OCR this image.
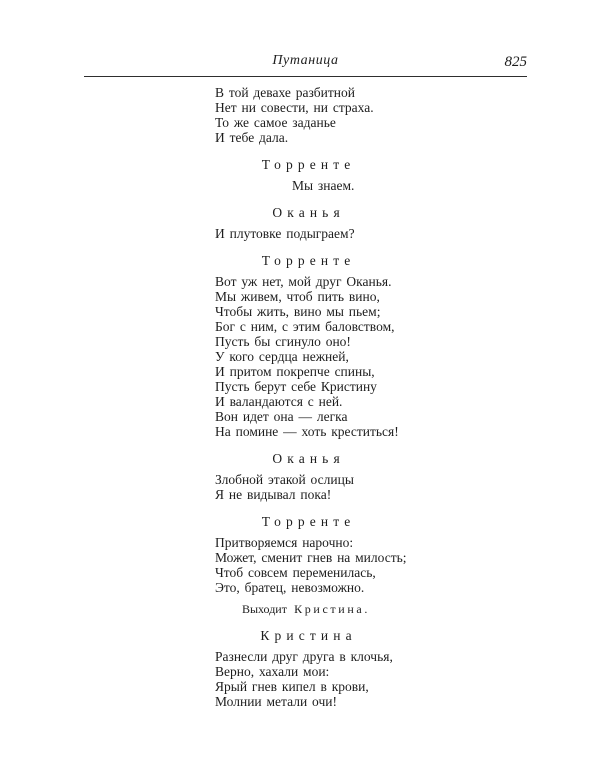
Путаница	825
В той девахе разбитной
Нет ни совести, ни страха.
То же самое заданье
И тебе дала.
Торренте
Мы знаем.
Оканья
И плутовке подыграем?
Торренте
Вот уж нет, мой друг Оканья.
Мы живем, чтоб пить вино,
Чтобы жить, вино мы пьем;
Бог с ним, с этим баловством,
Пусть бы сгинуло оно!
У кого сердца нежней,
И притом покрепче спины,
Пусть берут себе Кристину
И валандаются с ней.
Вон идет она — легка
На помине — хоть креститься!
Оканья
Злобной этакой ослицы
Я не видывал пока!
Торренте
Притворяемся нарочно:
Может, сменит гнев на милость;
Чтоб совсем переменилась,
Это, братец, невозможно.
Выходит Кристина.
Кристина
Разнесли друг друга в клочья,
Верно, хахали мои:
Ярый гнев кипел в крови,
Молнии метали очи!
